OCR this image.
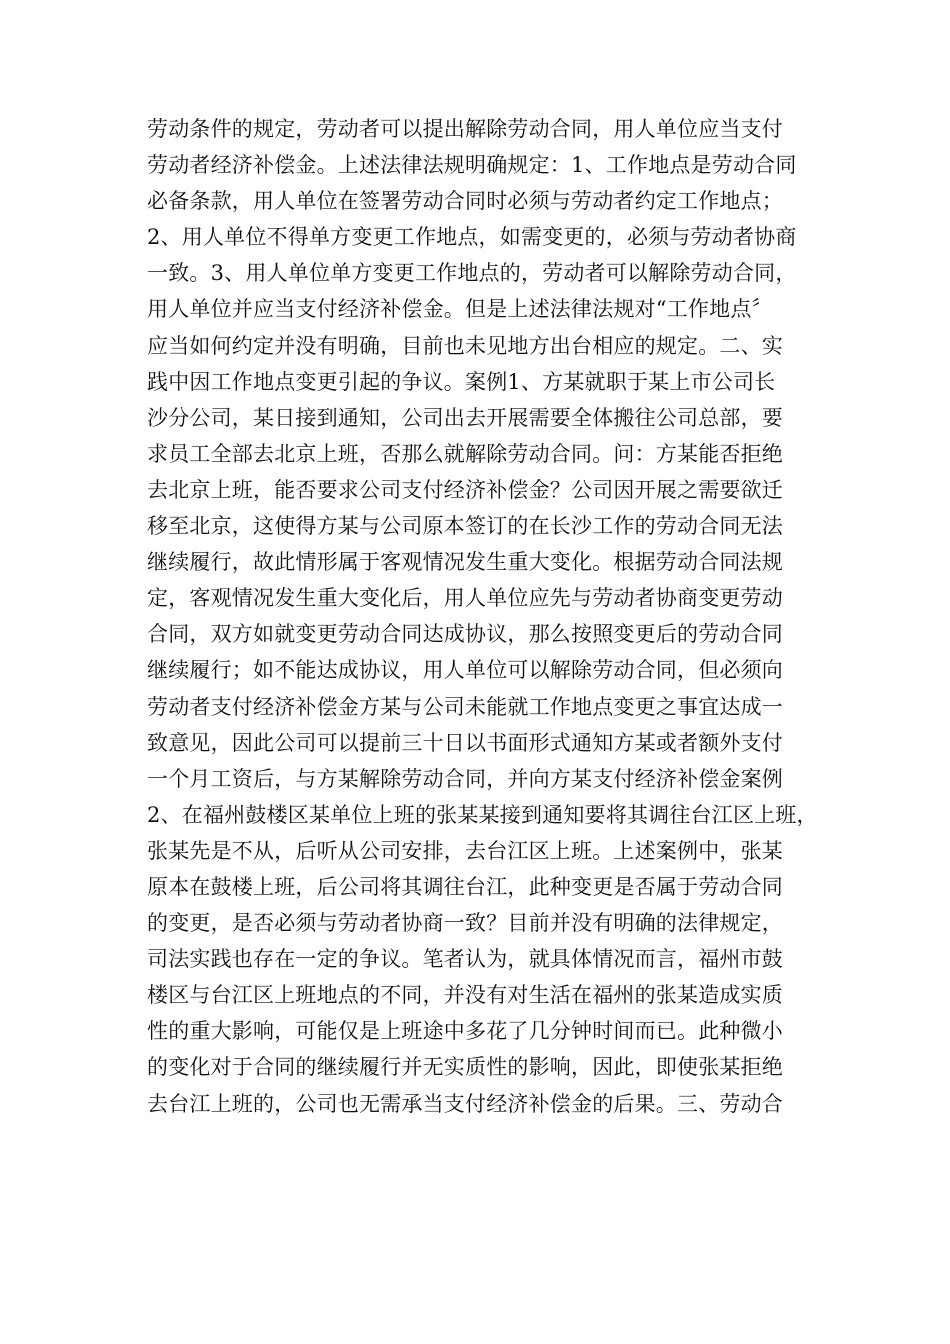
劳动条件的规定，劳动者可以提出解除劳动合同，用人单位应当支付
劳动者经济补偿金。上述法律法规明确规定：1、工作地点是劳动合同
必备条款，用人单位在签署劳动合同时必须与劳动者约定工作地点；
2、用人单位不得单方变更工作地点，如需变更的，必须与劳动者协商
一致。3、用人单位单方变更工作地点的，劳动者可以解除劳动合同，
用人单位并应当支付经济补偿金。但是上述法律法规对“工作地点〞
应当如何约定并没有明确，目前也未见地方出台相应的规定。二、实
践中因工作地点变更引起的争议。案例1、方某就职于某上市公司长
沙分公司，某日接到通知，公司出去开展需要全体搬往公司总部，要
求员工全部去北京上班，否那么就解除劳动合同。问：方某能否拒绝
去北京上班，能否要求公司支付经济补偿金？公司因开展之需要欲迁
移至北京，这使得方某与公司原本签订的在长沙工作的劳动合同无法
继续履行，故此情形属于客观情况发生重大变化。根据劳动合同法规
定，客观情况发生重大变化后，用人单位应先与劳动者协商变更劳动
合同，双方如就变更劳动合同达成协议，那么按照变更后的劳动合同
继续履行；如不能达成协议，用人单位可以解除劳动合同，但必须向
劳动者支付经济补偿金方某与公司未能就工作地点变更之事宜达成一
致意见，因此公司可以提前三十日以书面形式通知方某或者额外支付
一个月工资后，与方某解除劳动合同，并向方某支付经济补偿金案例
2、在福州鼓楼区某单位上班的张某某接到通知要将其调往台江区上班，
张某先是不从，后听从公司安排，去台江区上班。上述案例中，张某
原本在鼓楼上班，后公司将其调往台江，此种变更是否属于劳动合同
的变更，是否必须与劳动者协商一致？目前并没有明确的法律规定，
司法实践也存在一定的争议。笔者认为，就具体情况而言，福州市鼓
楼区与台江区上班地点的不同，并没有对生活在福州的张某造成实质
性的重大影响，可能仅是上班途中多花了几分钟时间而已。此种微小
的变化对于合同的继续履行并无实质性的影响，因此，即使张某拒绝
去台江上班的，公司也无需承当支付经济补偿金的后果。三、劳动合
